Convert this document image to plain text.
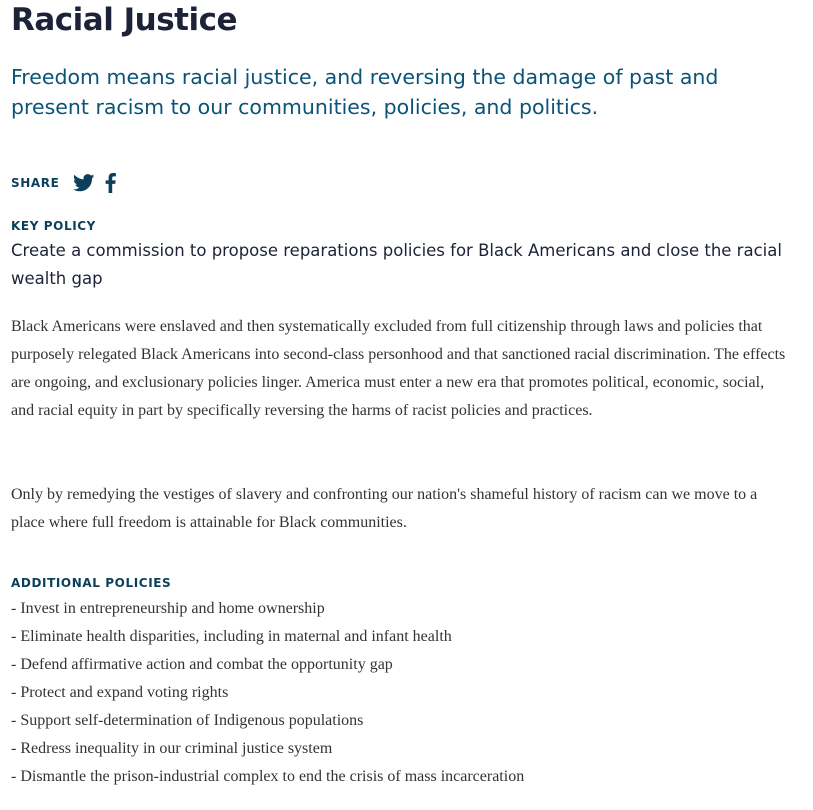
Racial Justice
Freedom means racial justice, and reversing the damage of past and present racism to our communities, policies, and politics.
SHARE
KEY POLICY
Create a commission to propose reparations policies for Black Americans and close the racial wealth gap

Black Americans were enslaved and then systematically excluded from full citizenship through laws and policies that purposely relegated Black Americans into second-class personhood and that sanctioned racial discrimination. The effects are ongoing, and exclusionary policies linger. America must enter a new era that promotes political, economic, social, and racial equity in part by specifically reversing the harms of racist policies and practices.

Only by remedying the vestiges of slavery and confronting our nation's shameful history of racism can we move to a place where full freedom is attainable for Black communities.

ADDITIONAL POLICIES
- Invest in entrepreneurship and home ownership
- Eliminate health disparities, including in maternal and infant health
- Defend affirmative action and combat the opportunity gap
- Protect and expand voting rights
- Support self-determination of Indigenous populations
- Redress inequality in our criminal justice system
- Dismantle the prison-industrial complex to end the crisis of mass incarceration
